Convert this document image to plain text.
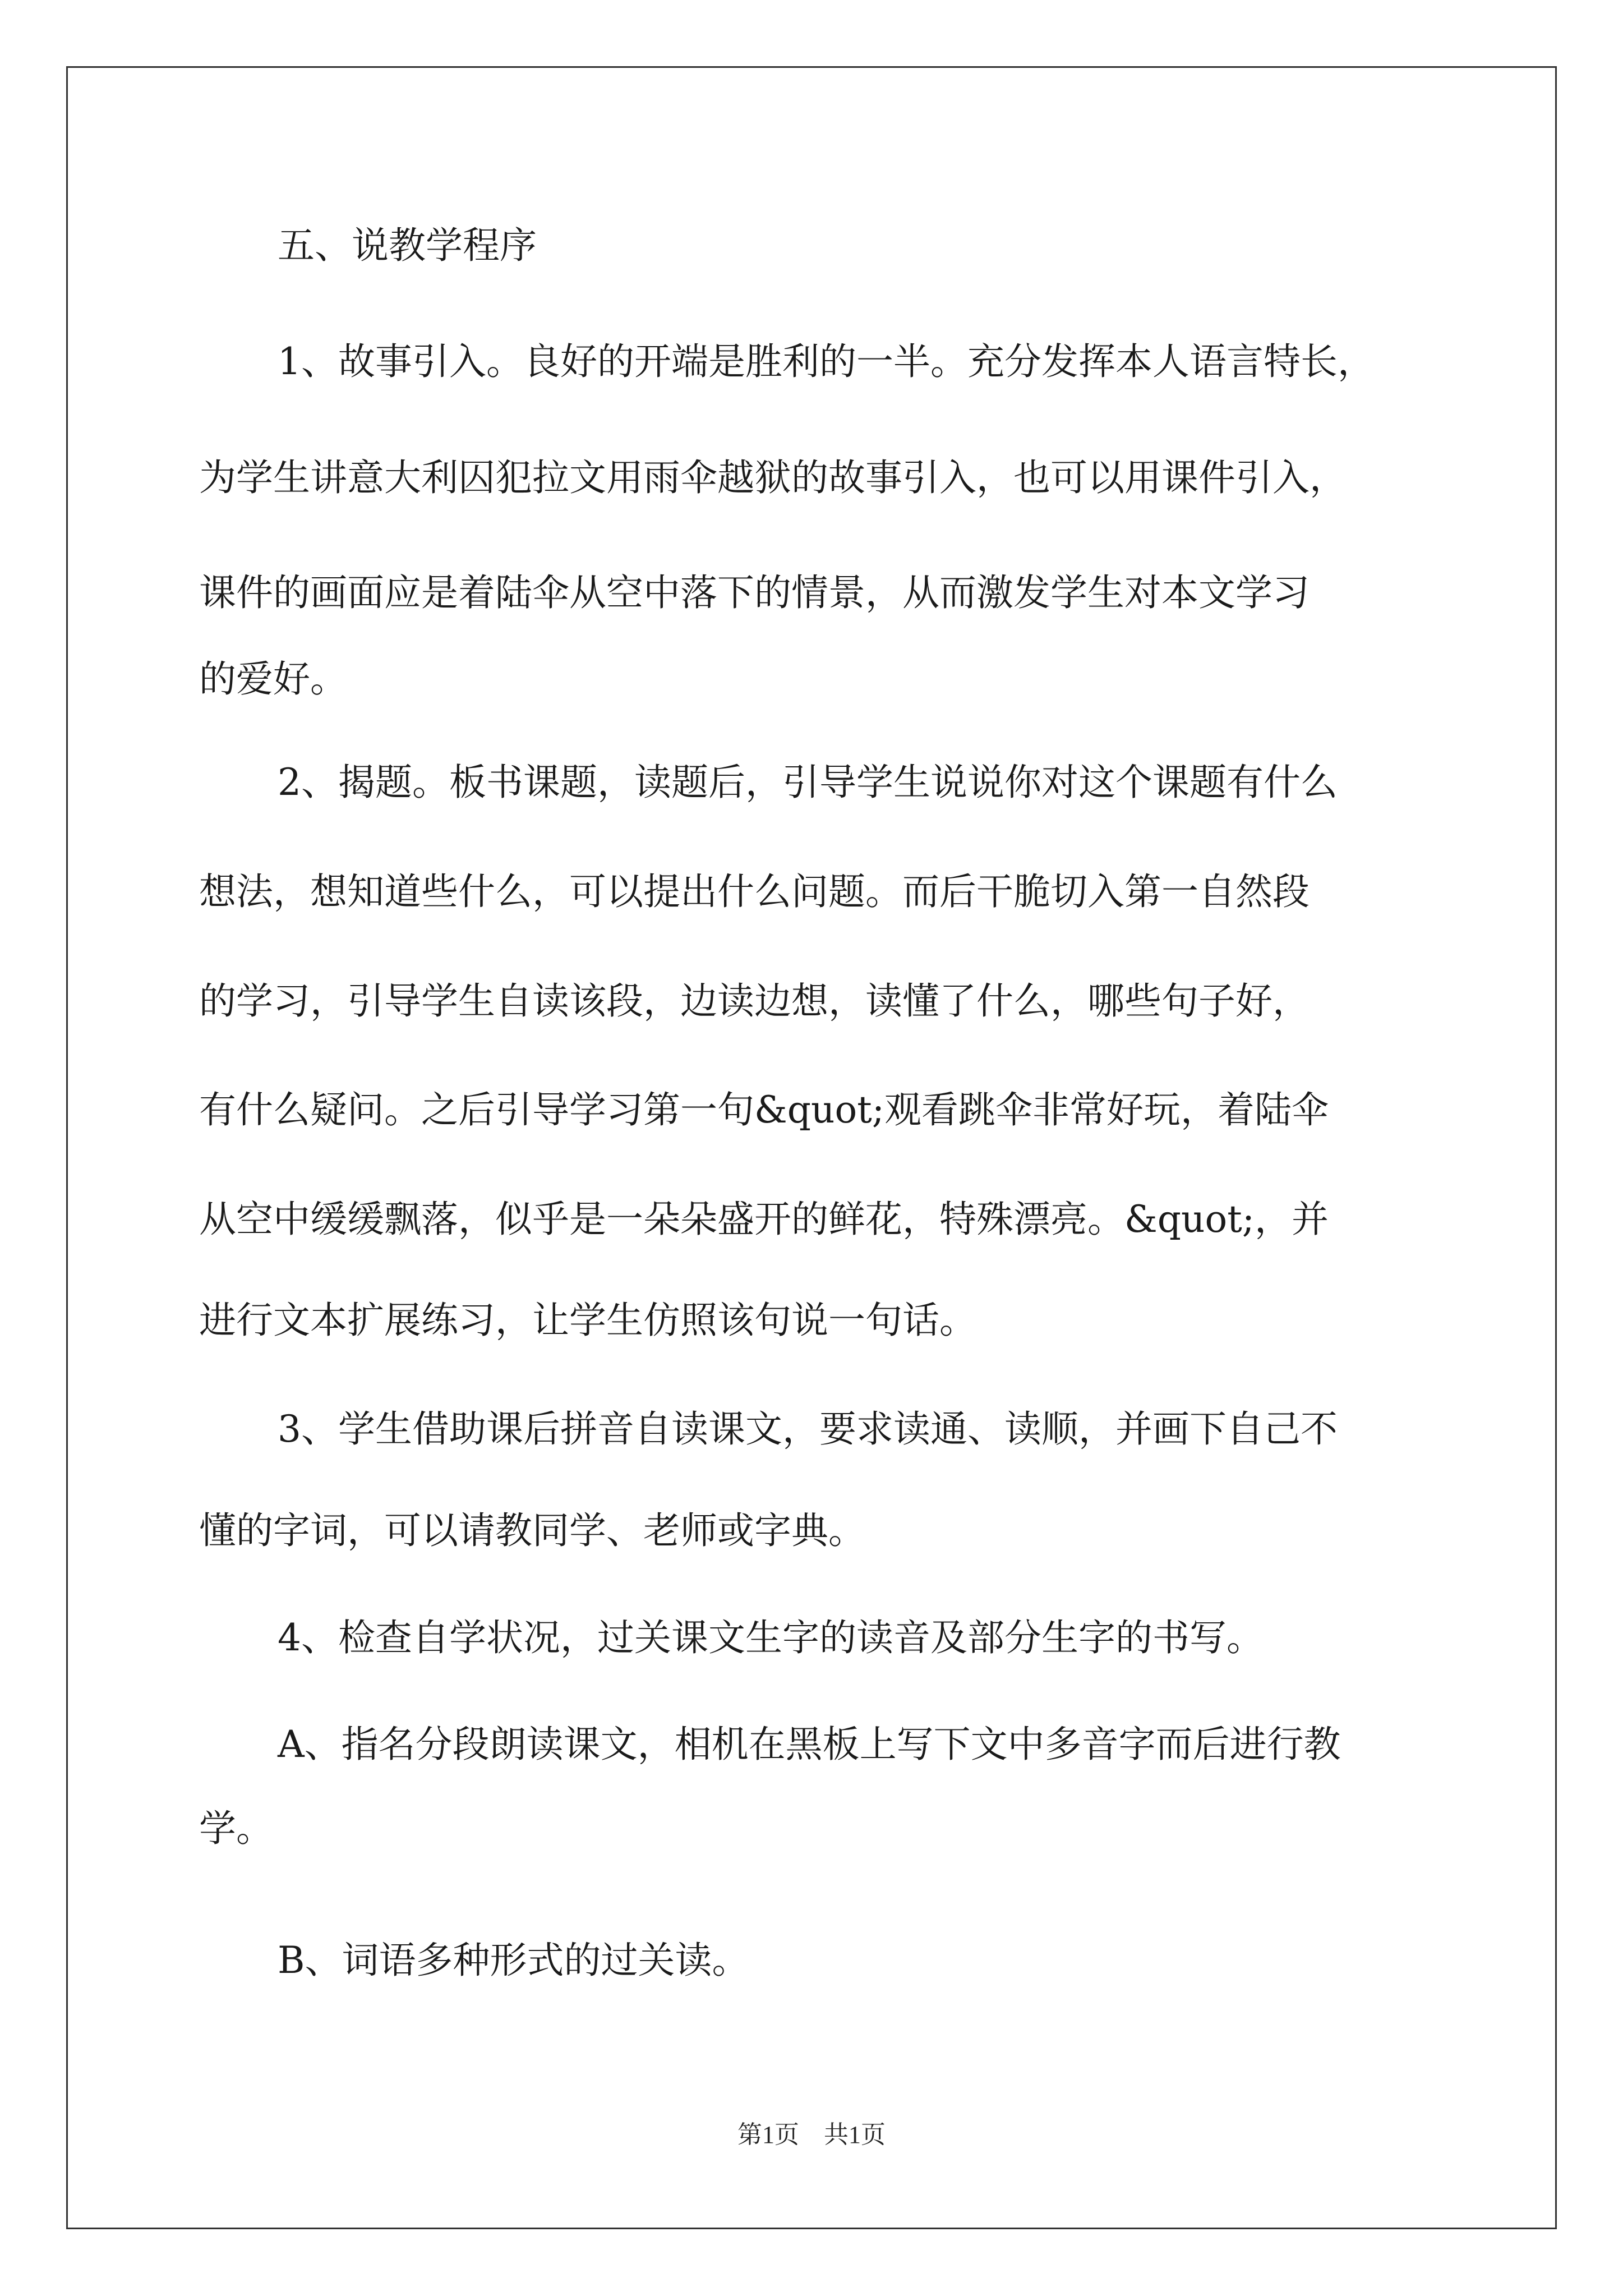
五、说教学程序
1、故事引入。良好的开端是胜利的一半。充分发挥本人语言特长，
为学生讲意大利囚犯拉文用雨伞越狱的故事引入，也可以用课件引入，
课件的画面应是着陆伞从空中落下的情景，从而激发学生对本文学习
的爱好。
2、揭题。板书课题，读题后，引导学生说说你对这个课题有什么
想法，想知道些什么，可以提出什么问题。而后干脆切入第一自然段
的学习，引导学生自读该段，边读边想，读懂了什么，哪些句子好，
有什么疑问。之后引导学习第一句&quot;观看跳伞非常好玩，着陆伞
从空中缓缓飘落，似乎是一朵朵盛开的鲜花，特殊漂亮。&quot;，并
进行文本扩展练习，让学生仿照该句说一句话。
3、学生借助课后拼音自读课文，要求读通、读顺，并画下自己不
懂的字词，可以请教同学、老师或字典。
4、检查自学状况，过关课文生字的读音及部分生字的书写。
A、指名分段朗读课文，相机在黑板上写下文中多音字而后进行教
学。
B、词语多种形式的过关读。
第1页　共1页
